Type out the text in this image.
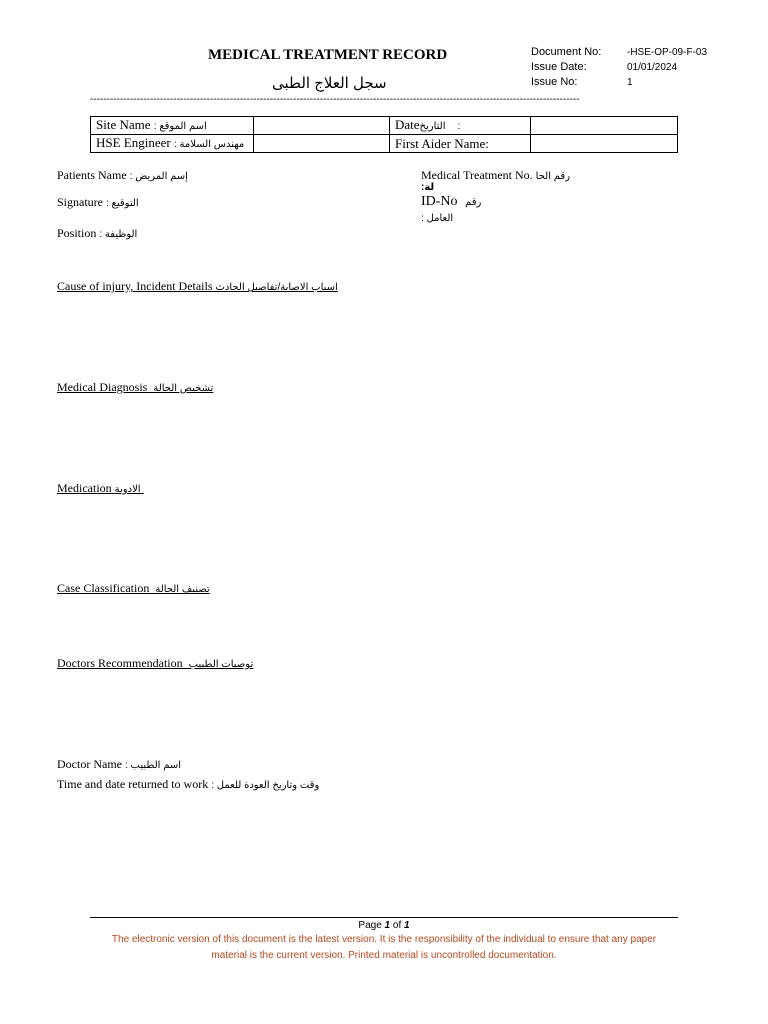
MEDICAL TREATMENT RECORD
سجل العلاج الطبى
Document No:	-HSE-OP-09-F-03
Issue Date:	01/01/2024
Issue No:	1
---------------------------------------------------------------------------------------------------------------------------------------------------
Site Name اسم الموقع :		Dateالتاريخ :	
HSE Engineer مهندس السلامة :		First Aider Name:	
Patients Name إسم المريض :
Signature التوقيع :
Position الوظيفة :
Medical Treatment No. رقم الحا
لة:
ID-No رقم
العامل :
Cause of injury, Incident Details اسباب الاصابة/تفاصيل الحادث
Medical Diagnosis تشخيص الحالة
Medication الادوية
Case Classification تصنيف الحالة
Doctors Recommendation توصيات الطبيب
Doctor Name اسم الطبيب :
Time and date returned to work وقت وتاريخ العودة للعمل :
Page 1 of 1
The electronic version of this document is the latest version. It is the responsibility of the individual to ensure that any paper
material is the current version. Printed material is uncontrolled documentation.
